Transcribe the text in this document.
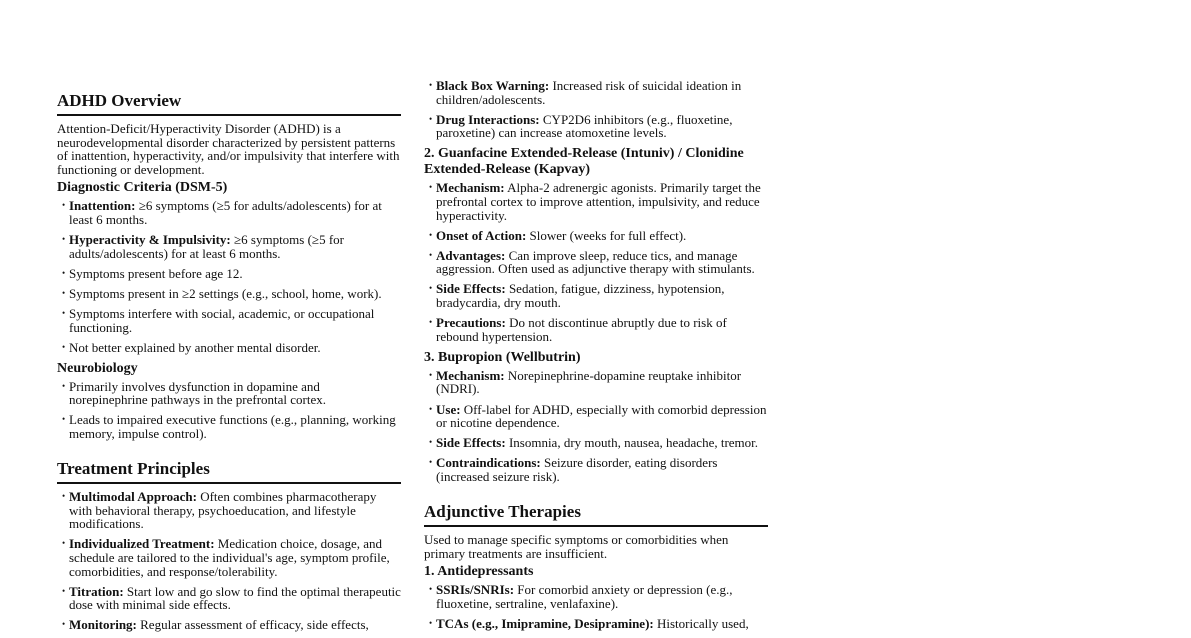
ADHD Overview

Attention-Deficit/Hyperactivity Disorder (ADHD) is a neurodevelopmental disorder characterized by persistent patterns of inattention, hyperactivity, and/or impulsivity that interfere with functioning or development.

Diagnostic Criteria (DSM-5)
• Inattention: ≥6 symptoms (≥5 for adults/adolescents) for at least 6 months.
• Hyperactivity & Impulsivity: ≥6 symptoms (≥5 for adults/adolescents) for at least 6 months.
• Symptoms present before age 12.
• Symptoms present in ≥2 settings (e.g., school, home, work).
• Symptoms interfere with social, academic, or occupational functioning.
• Not better explained by another mental disorder.
Neurobiology
• Primarily involves dysfunction in dopamine and norepinephrine pathways in the prefrontal cortex.
• Leads to impaired executive functions (e.g., planning, working memory, impulse control).
Treatment Principles
• Multimodal Approach: Often combines pharmacotherapy with behavioral therapy, psychoeducation, and lifestyle modifications.
• Individualized Treatment: Medication choice, dosage, and schedule are tailored to the individual's age, symptom profile, comorbidities, and response/tolerability.
• Titration: Start low and go slow to find the optimal therapeutic dose with minimal side effects.
• Monitoring: Regular assessment of efficacy, side effects,
• Black Box Warning: Increased risk of suicidal ideation in children/adolescents.
• Drug Interactions: CYP2D6 inhibitors (e.g., fluoxetine, paroxetine) can increase atomoxetine levels.
2. Guanfacine Extended-Release (Intuniv) / Clonidine Extended-Release (Kapvay)
• Mechanism: Alpha-2 adrenergic agonists. Primarily target the prefrontal cortex to improve attention, impulsivity, and reduce hyperactivity.
• Onset of Action: Slower (weeks for full effect).
• Advantages: Can improve sleep, reduce tics, and manage aggression. Often used as adjunctive therapy with stimulants.
• Side Effects: Sedation, fatigue, dizziness, hypotension, bradycardia, dry mouth.
• Precautions: Do not discontinue abruptly due to risk of rebound hypertension.
3. Bupropion (Wellbutrin)
• Mechanism: Norepinephrine-dopamine reuptake inhibitor (NDRI).
• Use: Off-label for ADHD, especially with comorbid depression or nicotine dependence.
• Side Effects: Insomnia, dry mouth, nausea, headache, tremor.
• Contraindications: Seizure disorder, eating disorders (increased seizure risk).
Adjunctive Therapies

Used to manage specific symptoms or comorbidities when primary treatments are insufficient.

1. Antidepressants
• SSRIs/SNRIs: For comorbid anxiety or depression (e.g., fluoxetine, sertraline, venlafaxine).
• TCAs (e.g., Imipramine, Desipramine): Historically used,
